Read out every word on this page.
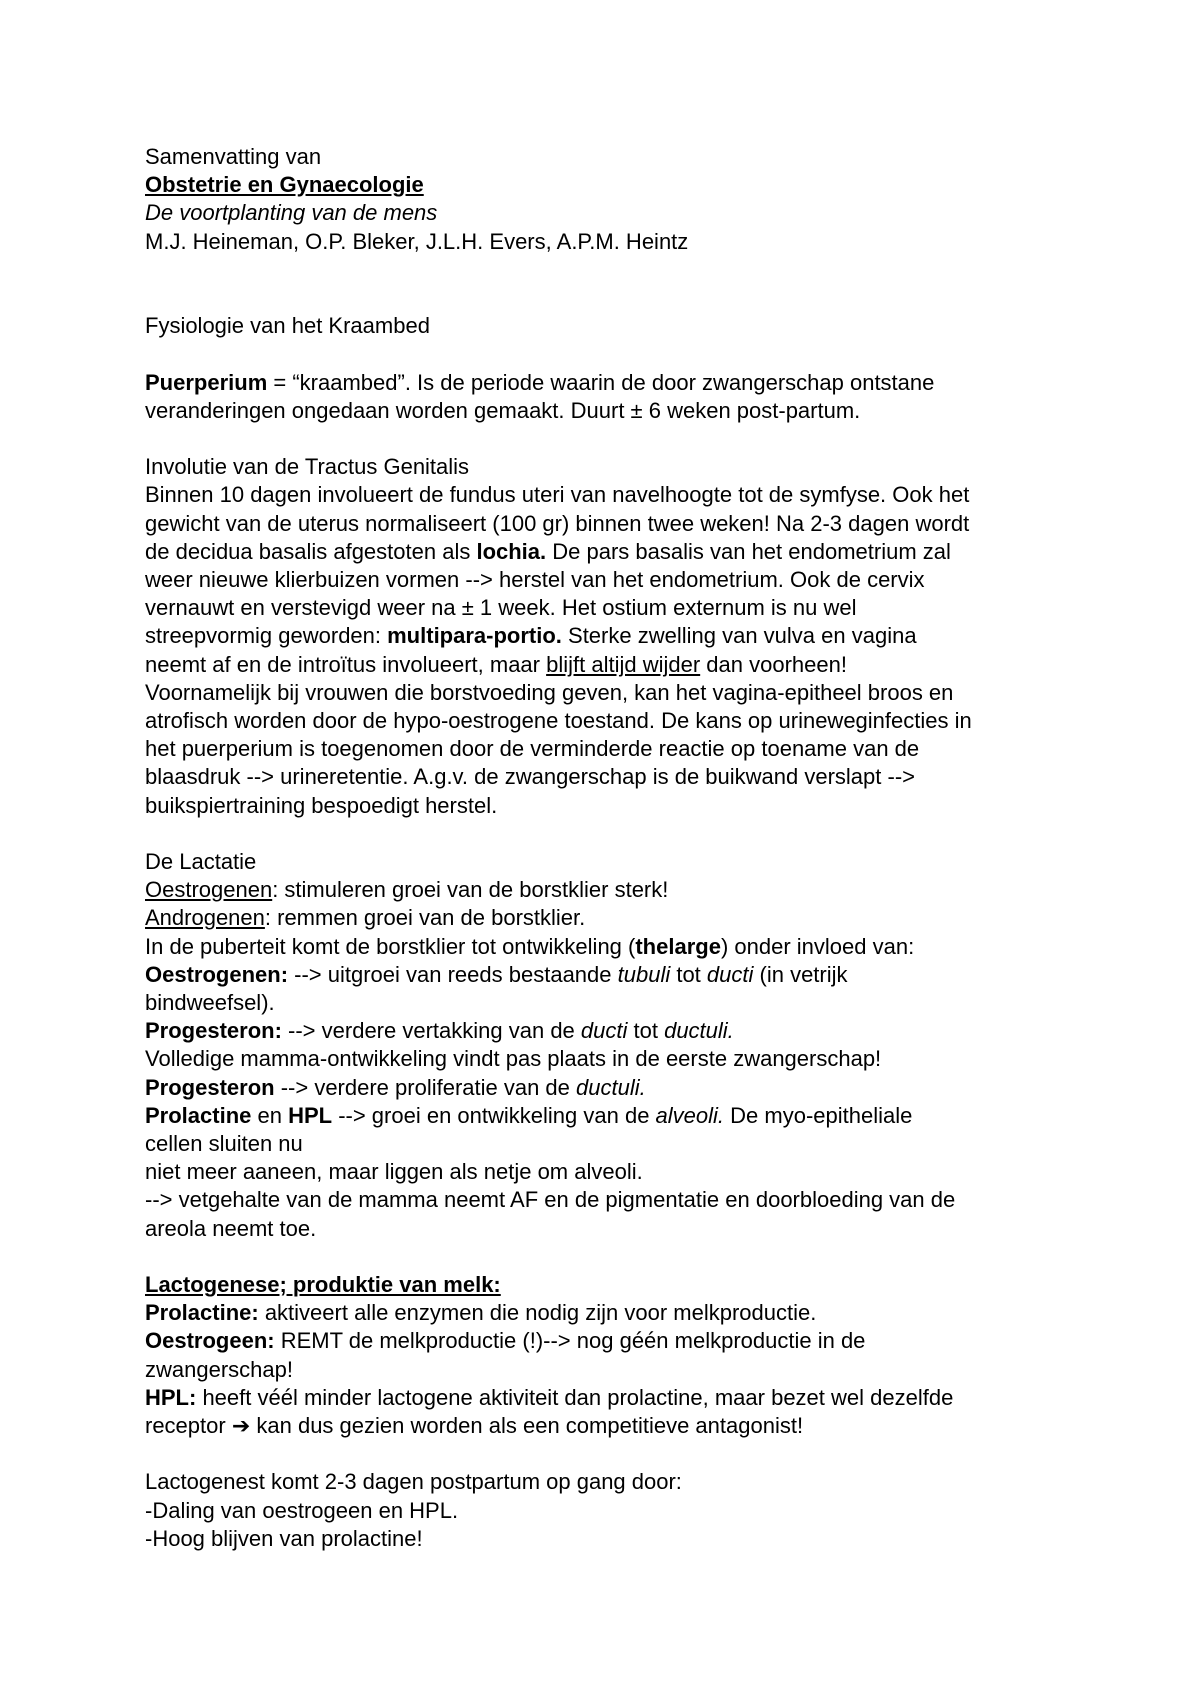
Samenvatting van
Obstetrie en Gynaecologie
De voortplanting van de mens
M.J. Heineman, O.P. Bleker, J.L.H. Evers, A.P.M. Heintz
Fysiologie van het Kraambed
Puerperium = “kraambed”. Is de periode waarin de door zwangerschap ontstane
veranderingen ongedaan worden gemaakt. Duurt ± 6 weken post-partum.
Involutie van de Tractus Genitalis
Binnen 10 dagen involueert de fundus uteri van navelhoogte tot de symfyse. Ook het
gewicht van de uterus normaliseert (100 gr) binnen twee weken! Na 2-3 dagen wordt
de decidua basalis afgestoten als lochia. De pars basalis van het endometrium zal
weer nieuwe klierbuizen vormen --> herstel van het endometrium. Ook de cervix
vernauwt en verstevigd weer na ± 1 week. Het ostium externum is nu wel
streepvormig geworden: multipara-portio. Sterke zwelling van vulva en vagina
neemt af en de introïtus involueert, maar blijft altijd wijder dan voorheen!
Voornamelijk bij vrouwen die borstvoeding geven, kan het vagina-epitheel broos en
atrofisch worden door de hypo-oestrogene toestand. De kans op urineweginfecties in
het puerperium is toegenomen door de verminderde reactie op toename van de
blaasdruk --> urineretentie. A.g.v. de zwangerschap is de buikwand verslapt -->
buikspiertraining bespoedigt herstel.
De Lactatie
Oestrogenen: stimuleren groei van de borstklier sterk!
Androgenen: remmen groei van de borstklier.
In de puberteit komt de borstklier tot ontwikkeling (thelarge) onder invloed van:
Oestrogenen: --> uitgroei van reeds bestaande tubuli tot ducti (in vetrijk
bindweefsel).
Progesteron: --> verdere vertakking van de ducti tot ductuli.
Volledige mamma-ontwikkeling vindt pas plaats in de eerste zwangerschap!
Progesteron --> verdere proliferatie van de ductuli.
Prolactine en HPL --> groei en ontwikkeling van de alveoli. De myo-epitheliale
cellen sluiten nu
niet meer aaneen, maar liggen als netje om alveoli.
--> vetgehalte van de mamma neemt AF en de pigmentatie en doorbloeding van de
areola neemt toe.
Lactogenese; produktie van melk:
Prolactine: aktiveert alle enzymen die nodig zijn voor melkproductie.
Oestrogeen: REMT de melkproductie (!)--> nog géén melkproductie in de
zwangerschap!
HPL: heeft véél minder lactogene aktiviteit dan prolactine, maar bezet wel dezelfde
receptor ➔ kan dus gezien worden als een competitieve antagonist!
Lactogenest komt 2-3 dagen postpartum op gang door:
-Daling van oestrogeen en HPL.
-Hoog blijven van prolactine!
